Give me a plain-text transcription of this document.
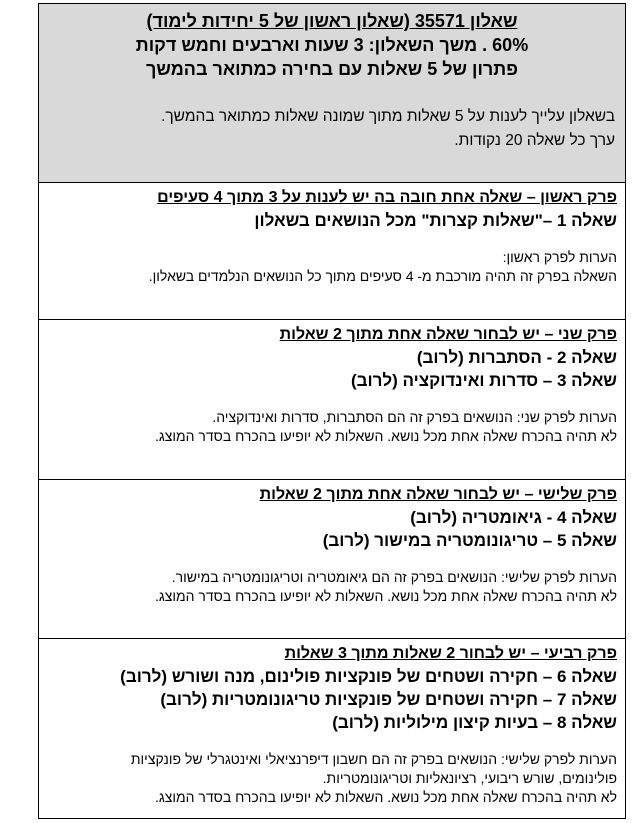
שאלון 35571 (שאלון ראשון של 5 יחידות לימוד)

60% . משך השאלון: 3 שעות וארבעים וחמש דקות

פתרון של 5 שאלות עם בחירה כמתואר בהמשך

בשאלון עלייך לענות על 5 שאלות מתוך שמונה שאלות כמתואר בהמשך.
ערך כל שאלה 20 נקודות.
פרק ראשון – שאלה אחת חובה בה יש לענות על 3 מתוך 4 סעיפים
שאלה 1 –"שאלות קצרות" מכל הנושאים בשאלון
הערות לפרק ראשון:
השאלה בפרק זה תהיה מורכבת מ- 4 סעיפים מתוך כל הנושאים הנלמדים בשאלון.
פרק שני – יש לבחור שאלה אחת מתוך 2 שאלות
שאלה 2 - הסתברות (לרוב)
שאלה 3 – סדרות ואינדוקציה (לרוב)
הערות לפרק שני: הנושאים בפרק זה הם הסתברות, סדרות ואינדוקציה.
לא תהיה בהכרח שאלה אחת מכל נושא. השאלות לא יופיעו בהכרח בסדר המוצג.
פרק שלישי – יש לבחור שאלה אחת מתוך 2 שאלות
שאלה 4 - גיאומטריה (לרוב)
שאלה 5 – טריגונומטריה במישור (לרוב)
הערות לפרק שלישי: הנושאים בפרק זה הם גיאומטריה וטריגונומטריה במישור.
לא תהיה בהכרח שאלה אחת מכל נושא. השאלות לא יופיעו בהכרח בסדר המוצג.
פרק רביעי – יש לבחור 2 שאלות מתוך 3 שאלות
שאלה 6 – חקירה ושטחים של פונקציות פולינום, מנה ושורש (לרוב)
שאלה 7 – חקירה ושטחים של פונקציות טריגונומטריות (לרוב)
שאלה 8 – בעיות קיצון מילוליות (לרוב)
הערות לפרק שלישי: הנושאים בפרק זה הם חשבון דיפרנציאלי ואינטגרלי של פונקציות
פולינומים, שורש ריבועי, רציונאליות וטריגונומטריות.
לא תהיה בהכרח שאלה אחת מכל נושא. השאלות לא יופיעו בהכרח בסדר המוצג.
